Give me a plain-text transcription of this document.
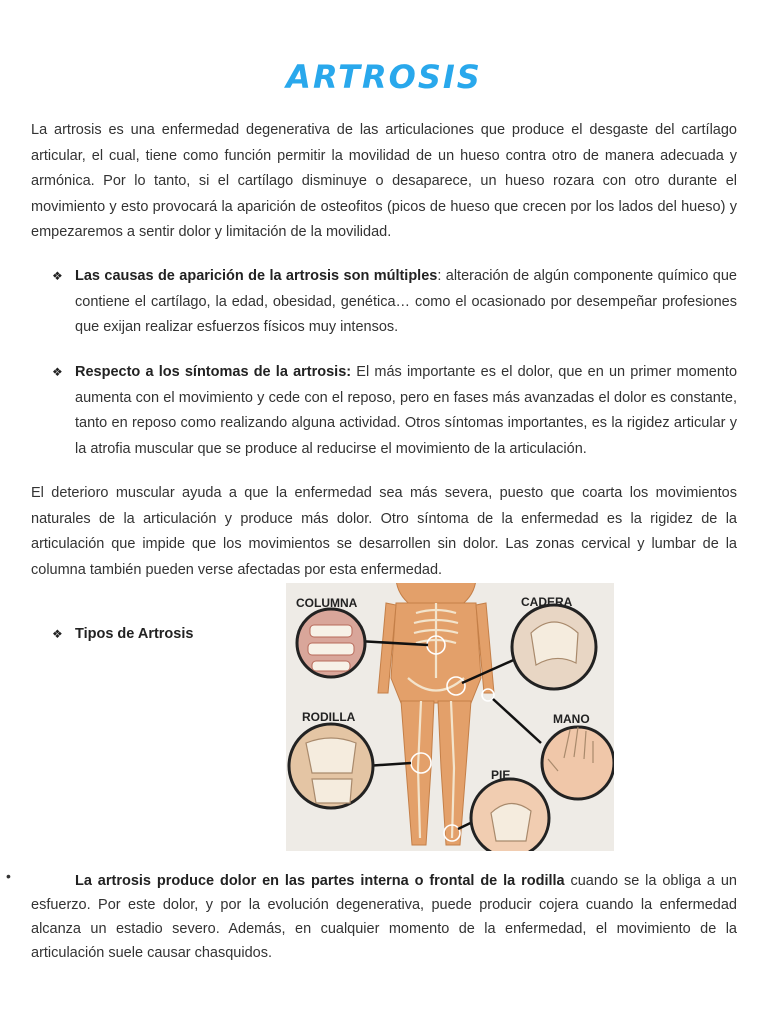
ARTROSIS

La artrosis es una enfermedad degenerativa de las articulaciones que produce el desgaste del cartílago articular, el cual, tiene como función permitir la movilidad de un hueso contra otro de manera adecuada y armónica. Por lo tanto, si el cartílago disminuye o desaparece, un hueso rozara con otro durante el movimiento y esto provocará la aparición de osteofitos (picos de hueso que crecen por los lados del hueso) y empezaremos a sentir dolor y limitación de la movilidad.

❖ Las causas de aparición de la artrosis son múltiples: alteración de algún componente químico que contiene el cartílago, la edad, obesidad, genética… como el ocasionado por desempeñar profesiones que exijan realizar esfuerzos físicos muy intensos.
❖ Respecto a los síntomas de la artrosis: El más importante es el dolor, que en un primer momento aumenta con el movimiento y cede con el reposo, pero en fases más avanzadas el dolor es constante, tanto en reposo como realizando alguna actividad. Otros síntomas importantes, es la rigidez articular y la atrofia muscular que se produce al reducirse el movimiento de la articulación.

El deterioro muscular ayuda a que la enfermedad sea más severa, puesto que coarta los movimientos naturales de la articulación y produce más dolor. Otro síntoma de la enfermedad es la rigidez de la articulación que impide que los movimientos se desarrollen sin dolor. Las zonas cervical y lumbar de la columna también pueden verse afectadas por esta enfermedad.

❖ Tipos de Artrosis
COLUMNA	CADERA
RODILLA	MANO
PIE
•	La artrosis produce dolor en las partes interna o frontal de la rodilla cuando se la obliga a un esfuerzo. Por este dolor, y por la evolución degenerativa, puede producir cojera cuando la enfermedad alcanza un estadio severo. Además, en cualquier momento de la enfermedad, el movimiento de la articulación suele causar chasquidos.
